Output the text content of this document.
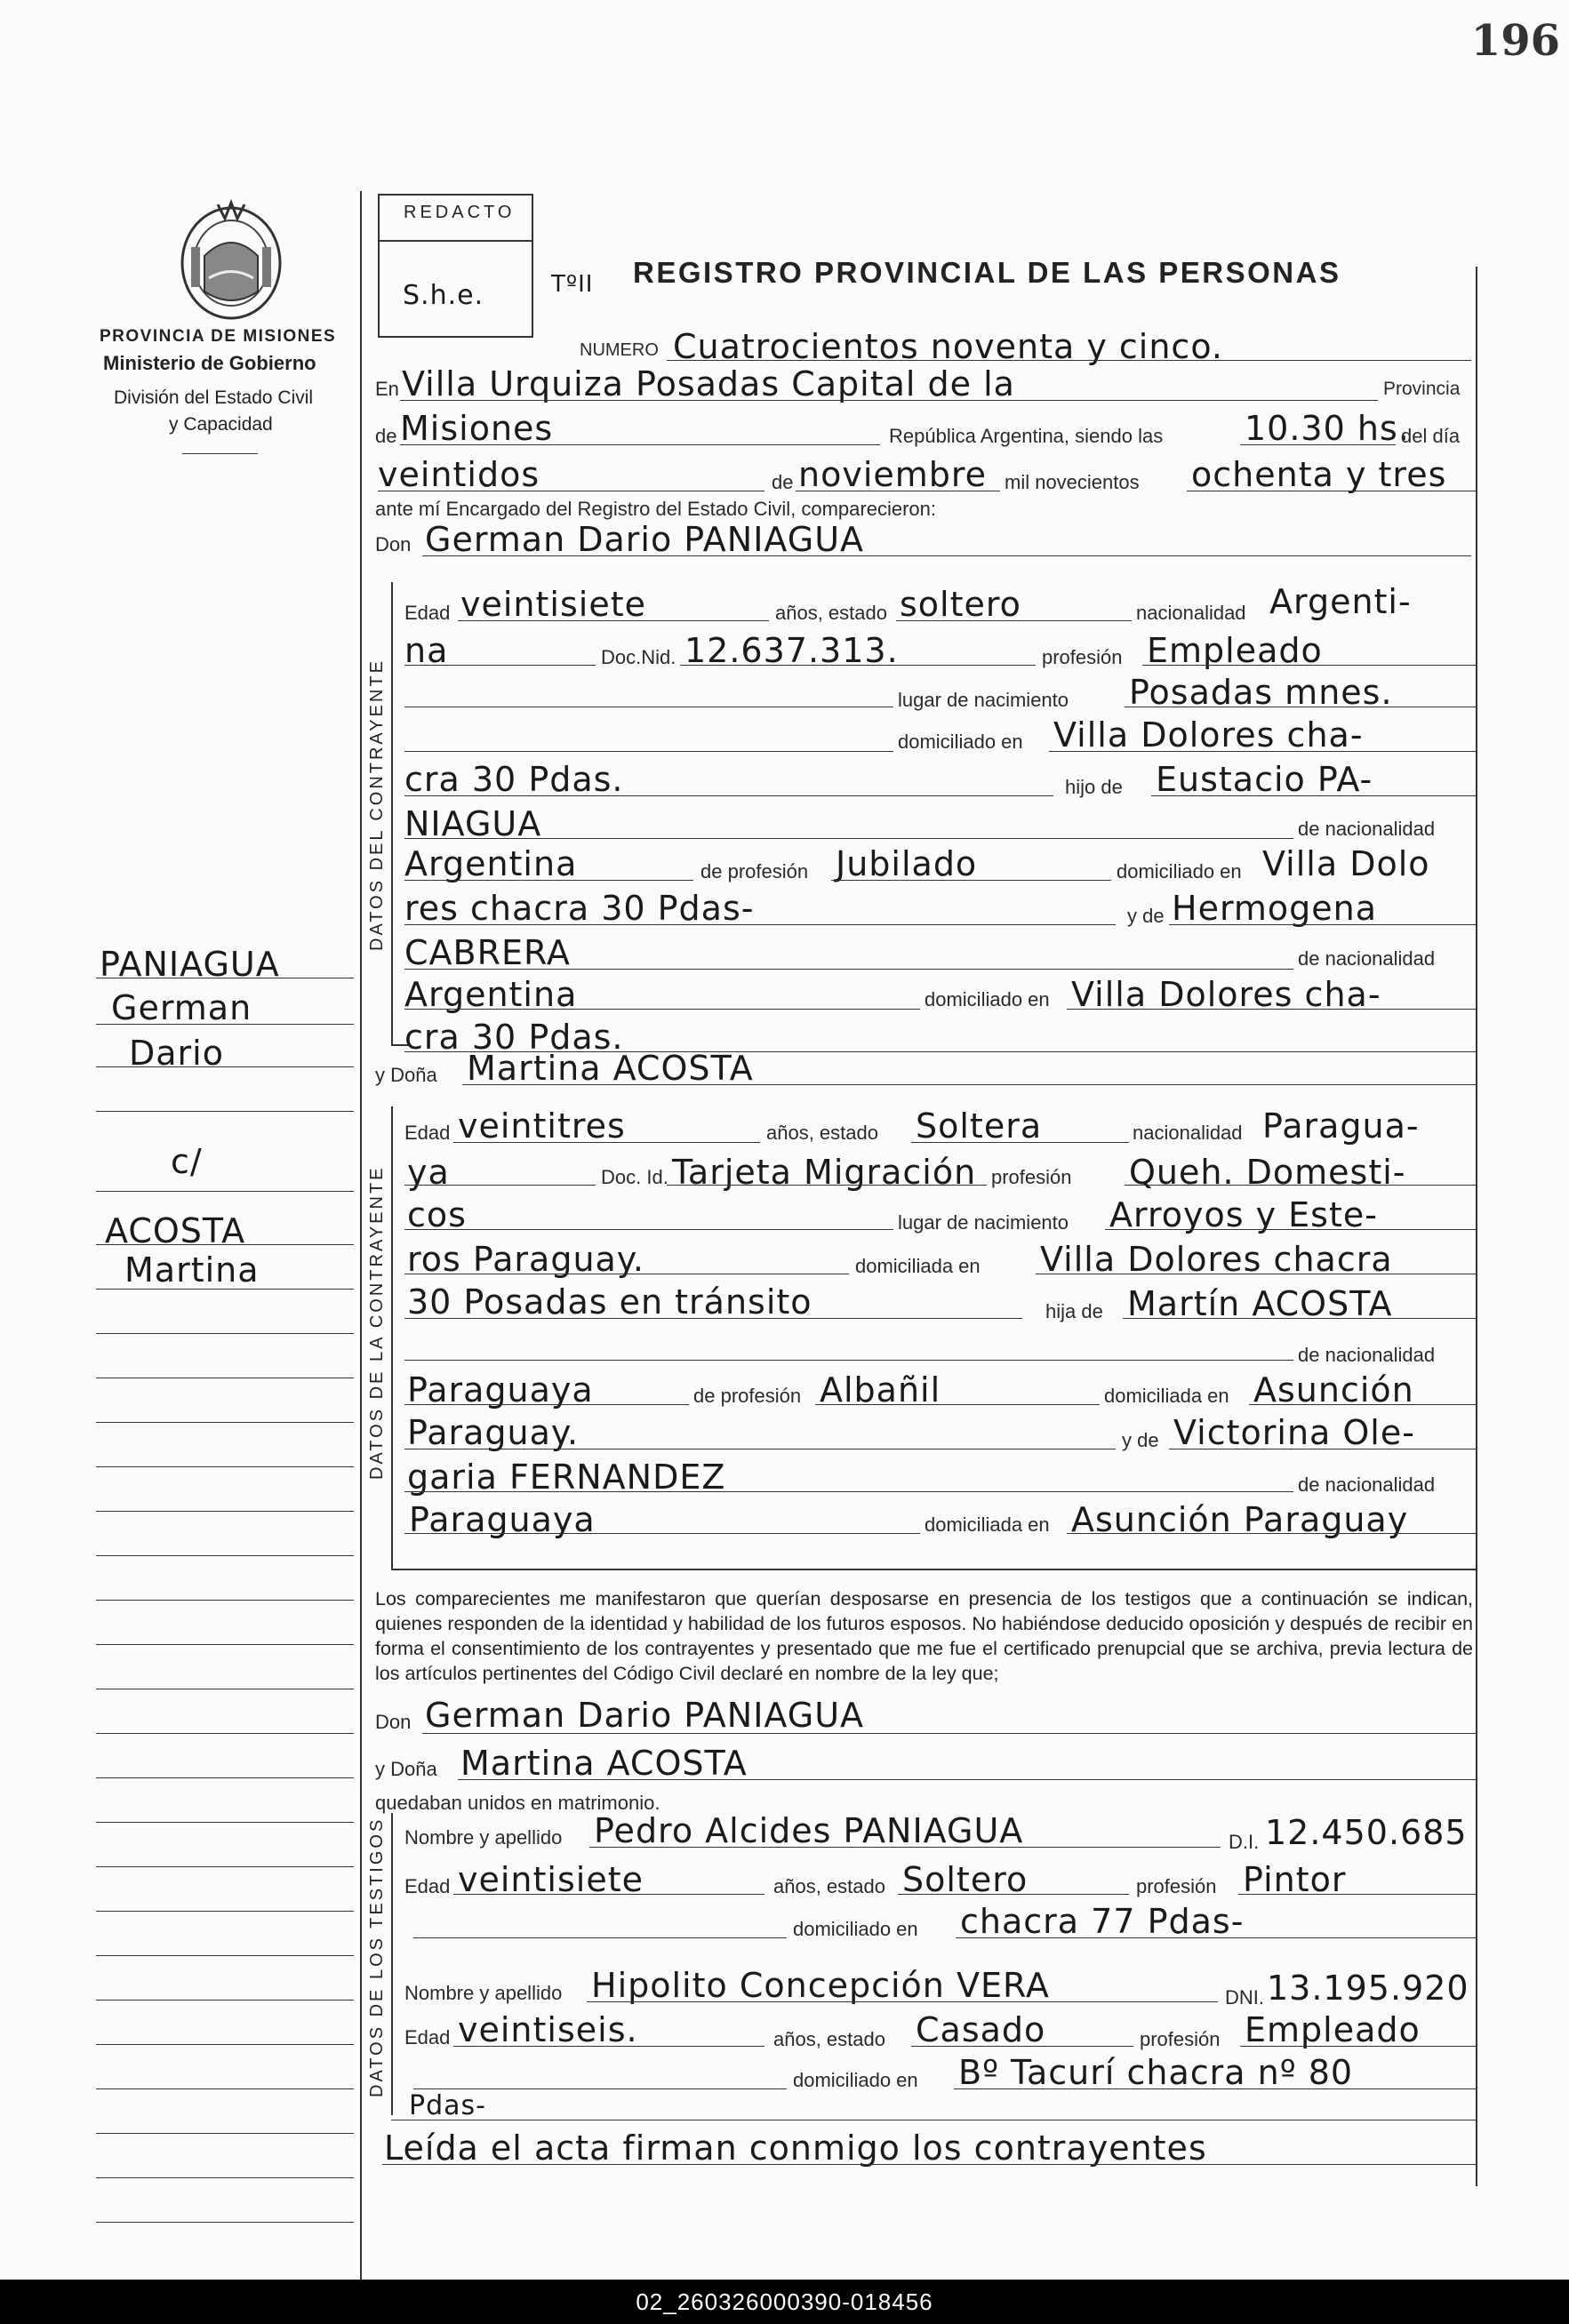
196
PROVINCIA DE MISIONES
Ministerio de Gobierno
División del Estado Civil
y Capacidad
REDACTO
S.h.e.	TºII REGISTRO PROVINCIAL DE LAS PERSONAS
NUMERO Cuatrocientos noventa y cinco.
En Villa Urquiza Posadas Capital de la	Provincia
de Misiones	República Argentina, siendo las 10.30 hs.
del día
veintidos	de noviembre mil novecientos ochenta y tres
ante mí Encargado del Registro del Estado Civil, comparecieron:
Don German Dario PANIAGUA
DATOS DEL CONTRAYENTE
Edad veintisiete	años, estado soltero	nacionalidad Argenti-
na	Doc.Nid. 12.637.313.	profesión Empleado
lugar de nacimiento Posadas mnes.
domiciliado en Villa Dolores cha-
cra 30 Pdas.	hijo de Eustacio PA-
NIAGUA	de nacionalidad
Argentina	de profesión Jubilado	domiciliado en Villa Dolo
res chacra 30 Pdas-	y de Hermogena
CABRERA	de nacionalidad
Argentina	domiciliado en Villa Dolores cha-
cra 30 Pdas.
PANIAGUA
German
Dario
c/
ACOSTA
Martina
y Doña Martina ACOSTA
DATOS DE LA CONTRAYENTE
Edad veintitres	años, estado Soltera	nacionalidad Paragua-
ya	Doc. Id. Tarjeta Migración profesión Queh. Domesti-
cos	lugar de nacimiento Arroyos y Este-
ros Paraguay.	domiciliada en Villa Dolores chacra
30 Posadas en tránsito	hija de Martín ACOSTA
de nacionalidad
Paraguaya	de profesión Albañil	domiciliada en Asunción
Paraguay.	y de Victorina Ole-
garia FERNANDEZ	de nacionalidad
Paraguaya	domiciliada en Asunción Paraguay
Los comparecientes me manifestaron que querían desposarse en presencia de los testigos que a continuación se indican, quienes responden de la identidad y habilidad de los futuros esposos. No habiéndose deducido oposición y después de recibir en forma el consentimiento de los contrayentes y presentado que me fue el certificado prenupcial que se archiva, previa lectura de los artículos pertinentes del Código Civil declaré en nombre de la ley que;
Don German Dario PANIAGUA
y Doña Martina ACOSTA
quedaban unidos en matrimonio.
DATOS DE LOS TESTIGOS Nombre y apellido Pedro Alcides PANIAGUA	D.I. 12.450.685
Edad veintisiete	años, estado Soltero	profesión Pintor
domiciliado en chacra 77 Pdas-
Nombre y apellido Hipolito Concepción VERA	DNI. 13.195.920
Edad veintiseis.	años, estado Casado	profesión Empleado
domiciliado en Bº Tacurí chacra nº 80
Pdas-
Leída el acta firman conmigo los contrayentes
02_260326000390-018456
